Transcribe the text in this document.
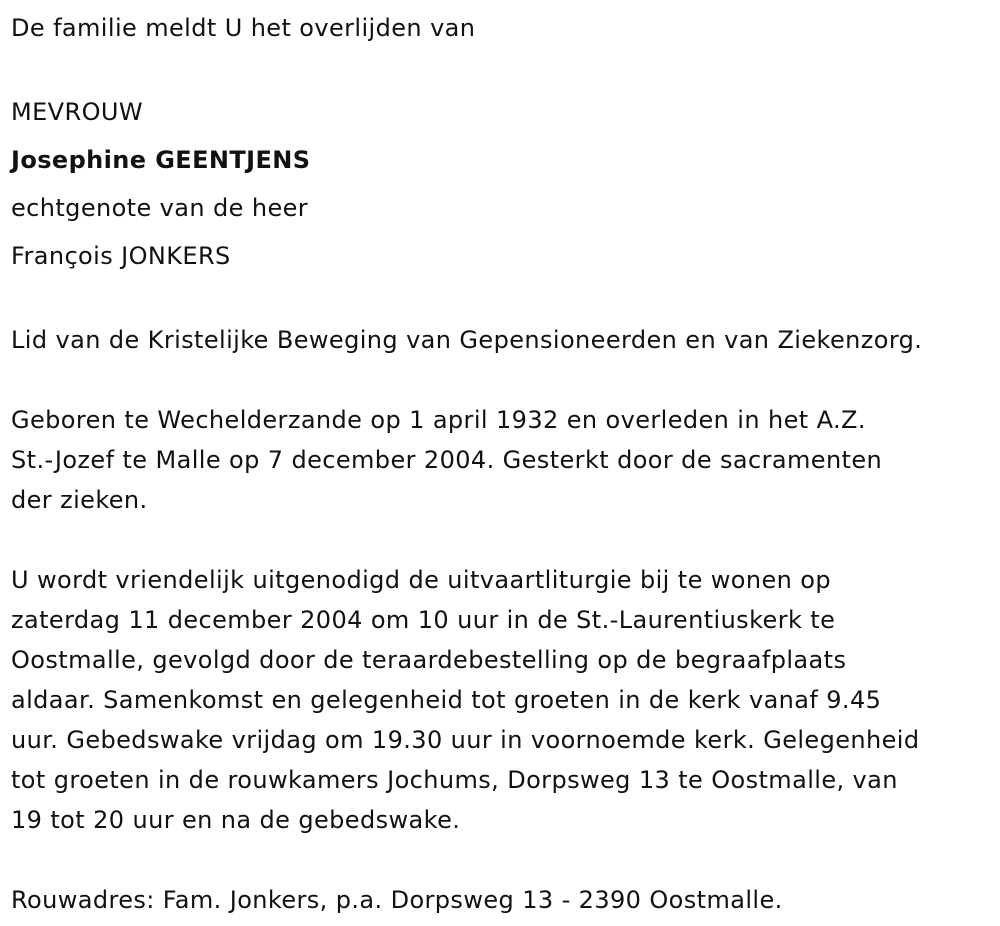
De familie meldt U het overlijden van
MEVROUW
Josephine GEENTJENS
echtgenote van de heer
François JONKERS
Lid van de Kristelijke Beweging van Gepensioneerden en van Ziekenzorg.
Geboren te Wechelderzande op 1 april 1932 en overleden in het A.Z.
St.-Jozef te Malle op 7 december 2004. Gesterkt door de sacramenten
der zieken.
U wordt vriendelijk uitgenodigd de uitvaartliturgie bij te wonen op
zaterdag 11 december 2004 om 10 uur in de St.-Laurentiuskerk te
Oostmalle, gevolgd door de teraardebestelling op de begraafplaats
aldaar. Samenkomst en gelegenheid tot groeten in de kerk vanaf 9.45
uur. Gebedswake vrijdag om 19.30 uur in voornoemde kerk. Gelegenheid
tot groeten in de rouwkamers Jochums, Dorpsweg 13 te Oostmalle, van
19 tot 20 uur en na de gebedswake.
Rouwadres: Fam. Jonkers, p.a. Dorpsweg 13 - 2390 Oostmalle.
